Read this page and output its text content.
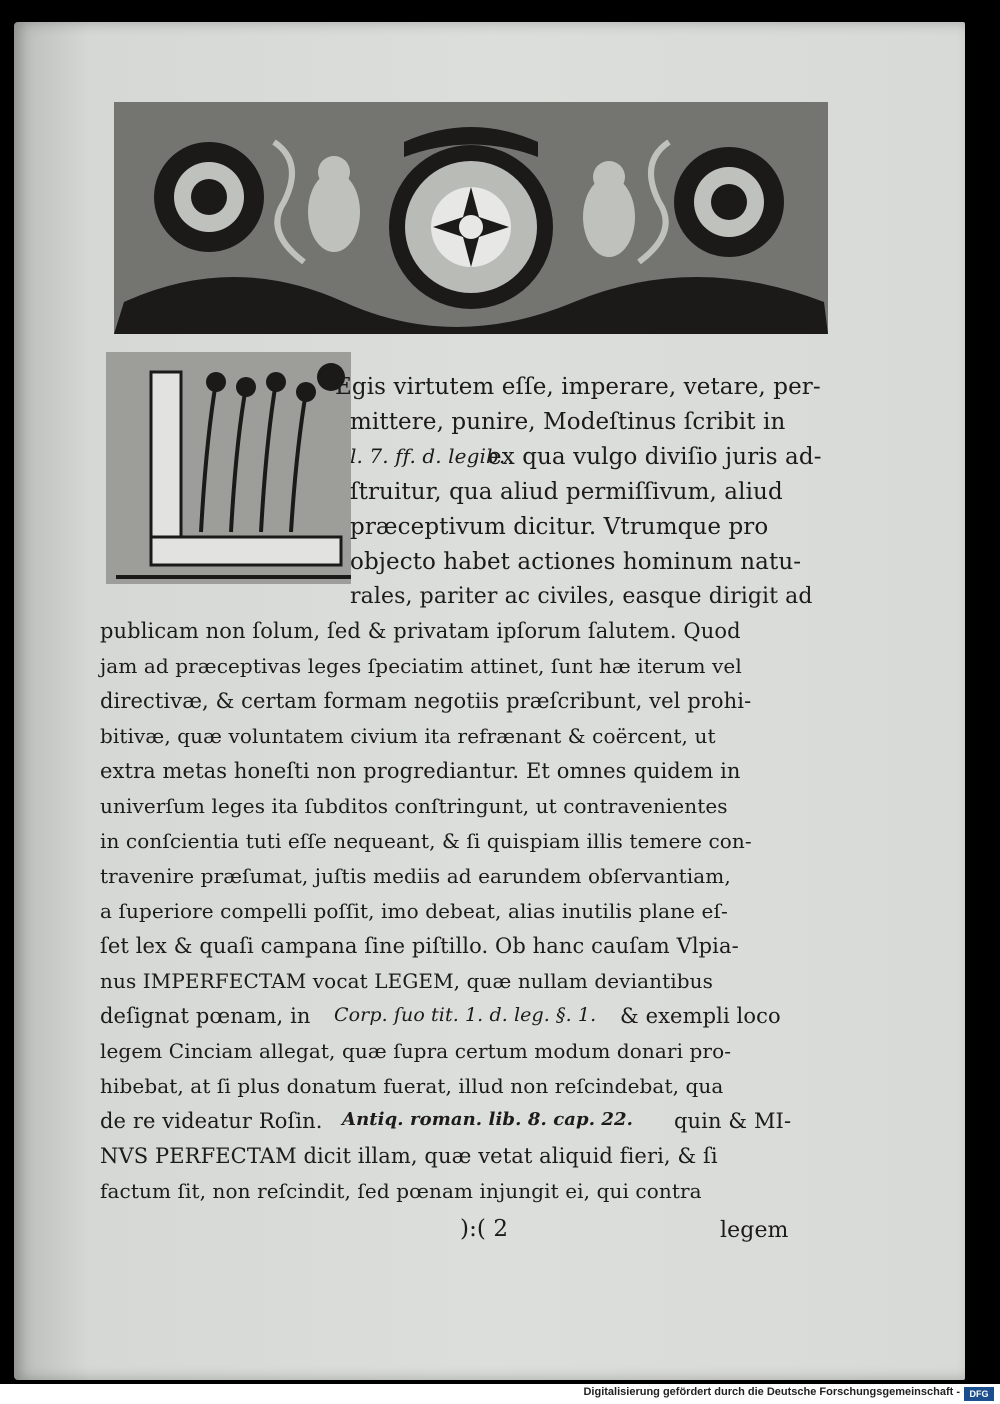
Egis virtutem eſſe, imperare, vetare, per-
mittere, punire, Modeſtinus ſcribit in
l. 7. ff. d. legib.
ex qua vulgo diviſio juris ad-
ſtruitur, qua aliud permiſſivum, aliud
præceptivum dicitur. Vtrumque pro
objecto habet actiones hominum natu-
rales, pariter ac civiles, easque dirigit ad
publicam non ſolum, ſed & privatam ipſorum ſalutem. Quod
jam ad præceptivas leges ſpeciatim attinet, ſunt hæ iterum vel
directivæ, & certam formam negotiis præſcribunt, vel prohi-
bitivæ, quæ voluntatem civium ita refrænant & coërcent, ut
extra metas honeſti non progrediantur. Et omnes quidem in
univerſum leges ita ſubditos conſtringunt, ut contravenientes
in conſcientia tuti eſſe nequeant, & ſi quispiam illis temere con-
travenire præſumat, juſtis mediis ad earundem obſervantiam,
a ſuperiore compelli poſſit, imo debeat, alias inutilis plane eſ-
ſet lex & quaſi campana ſine piſtillo. Ob hanc cauſam Vlpia-
nus IMPERFECTAM vocat LEGEM, quæ nullam deviantibus
deſignat pœnam, in Corp. ſuo tit. 1. d. leg. §. 1. & exempli loco
legem Cinciam allegat, quæ ſupra certum modum donari pro-
hibebat, at ſi plus donatum fuerat, illud non reſcindebat, qua
de re videatur Roſin. Antiq. roman. lib. 8. cap. 22. quin & MI-
NVS PERFECTAM dicit illam, quæ vetat aliquid fieri, & ſi
factum ſit, non reſcindit, ſed pœnam injungit ei, qui contra
):( 2	legem
Digitalisierung gefördert durch die Deutsche Forschungsgemeinschaft -	DFG
